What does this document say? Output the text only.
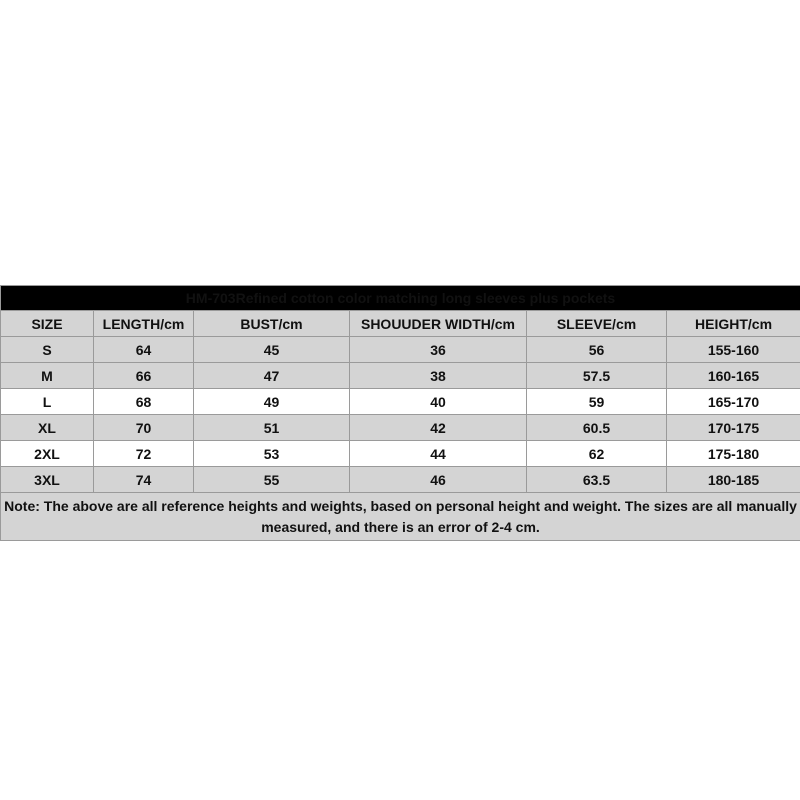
HM-703Refined cotton color matching long sleeves plus pockets					
SIZE	LENGTH/cm	BUST/cm	SHOUUDER WIDTH/cm	SLEEVE/cm	HEIGHT/cm
S	64	45	36	56	155-160
M	66	47	38	57.5	160-165
L	68	49	40	59	165-170
XL	70	51	42	60.5	170-175
2XL	72	53	44	62	175-180
3XL	74	55	46	63.5	180-185
Note: The above are all reference heights and weights, based on personal height and weight. The sizes are all manually measured, and there is an error of 2-4 cm.					
